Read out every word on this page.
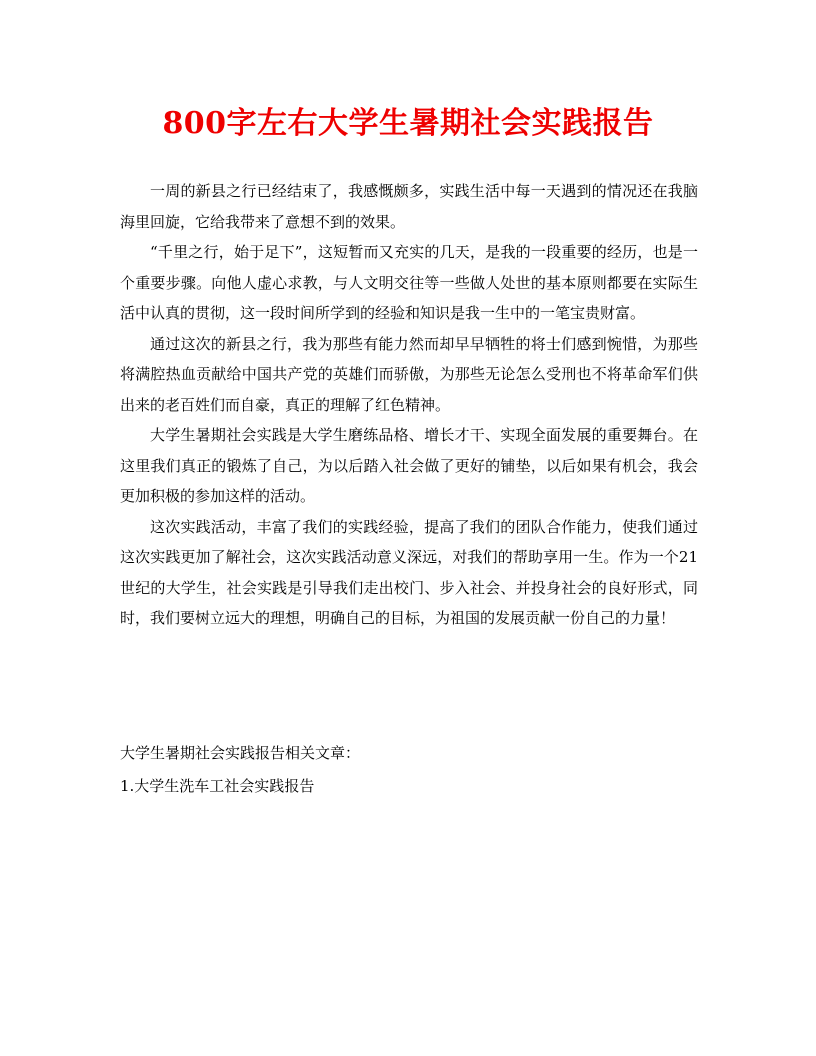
800字左右大学生暑期社会实践报告

一周的新县之行已经结束了，我感慨颇多，实践生活中每一天遇到的情况还在我脑海里回旋，它给我带来了意想不到的效果。

“千里之行，始于足下”，这短暂而又充实的几天，是我的一段重要的经历，也是一个重要步骤。向他人虚心求教，与人文明交往等一些做人处世的基本原则都要在实际生活中认真的贯彻，这一段时间所学到的经验和知识是我一生中的一笔宝贵财富。

通过这次的新县之行，我为那些有能力然而却早早牺牲的将士们感到惋惜，为那些将满腔热血贡献给中国共产党的英雄们而骄傲，为那些无论怎么受刑也不将革命军们供出来的老百姓们而自豪，真正的理解了红色精神。

大学生暑期社会实践是大学生磨练品格、增长才干、实现全面发展的重要舞台。在这里我们真正的锻炼了自己，为以后踏入社会做了更好的铺垫，以后如果有机会，我会更加积极的参加这样的活动。

这次实践活动，丰富了我们的实践经验，提高了我们的团队合作能力，使我们通过这次实践更加了解社会，这次实践活动意义深远，对我们的帮助享用一生。作为一个21世纪的大学生，社会实践是引导我们走出校门、步入社会、并投身社会的良好形式，同时，我们要树立远大的理想，明确自己的目标，为祖国的发展贡献一份自己的力量！

大学生暑期社会实践报告相关文章：

1.大学生洗车工社会实践报告
